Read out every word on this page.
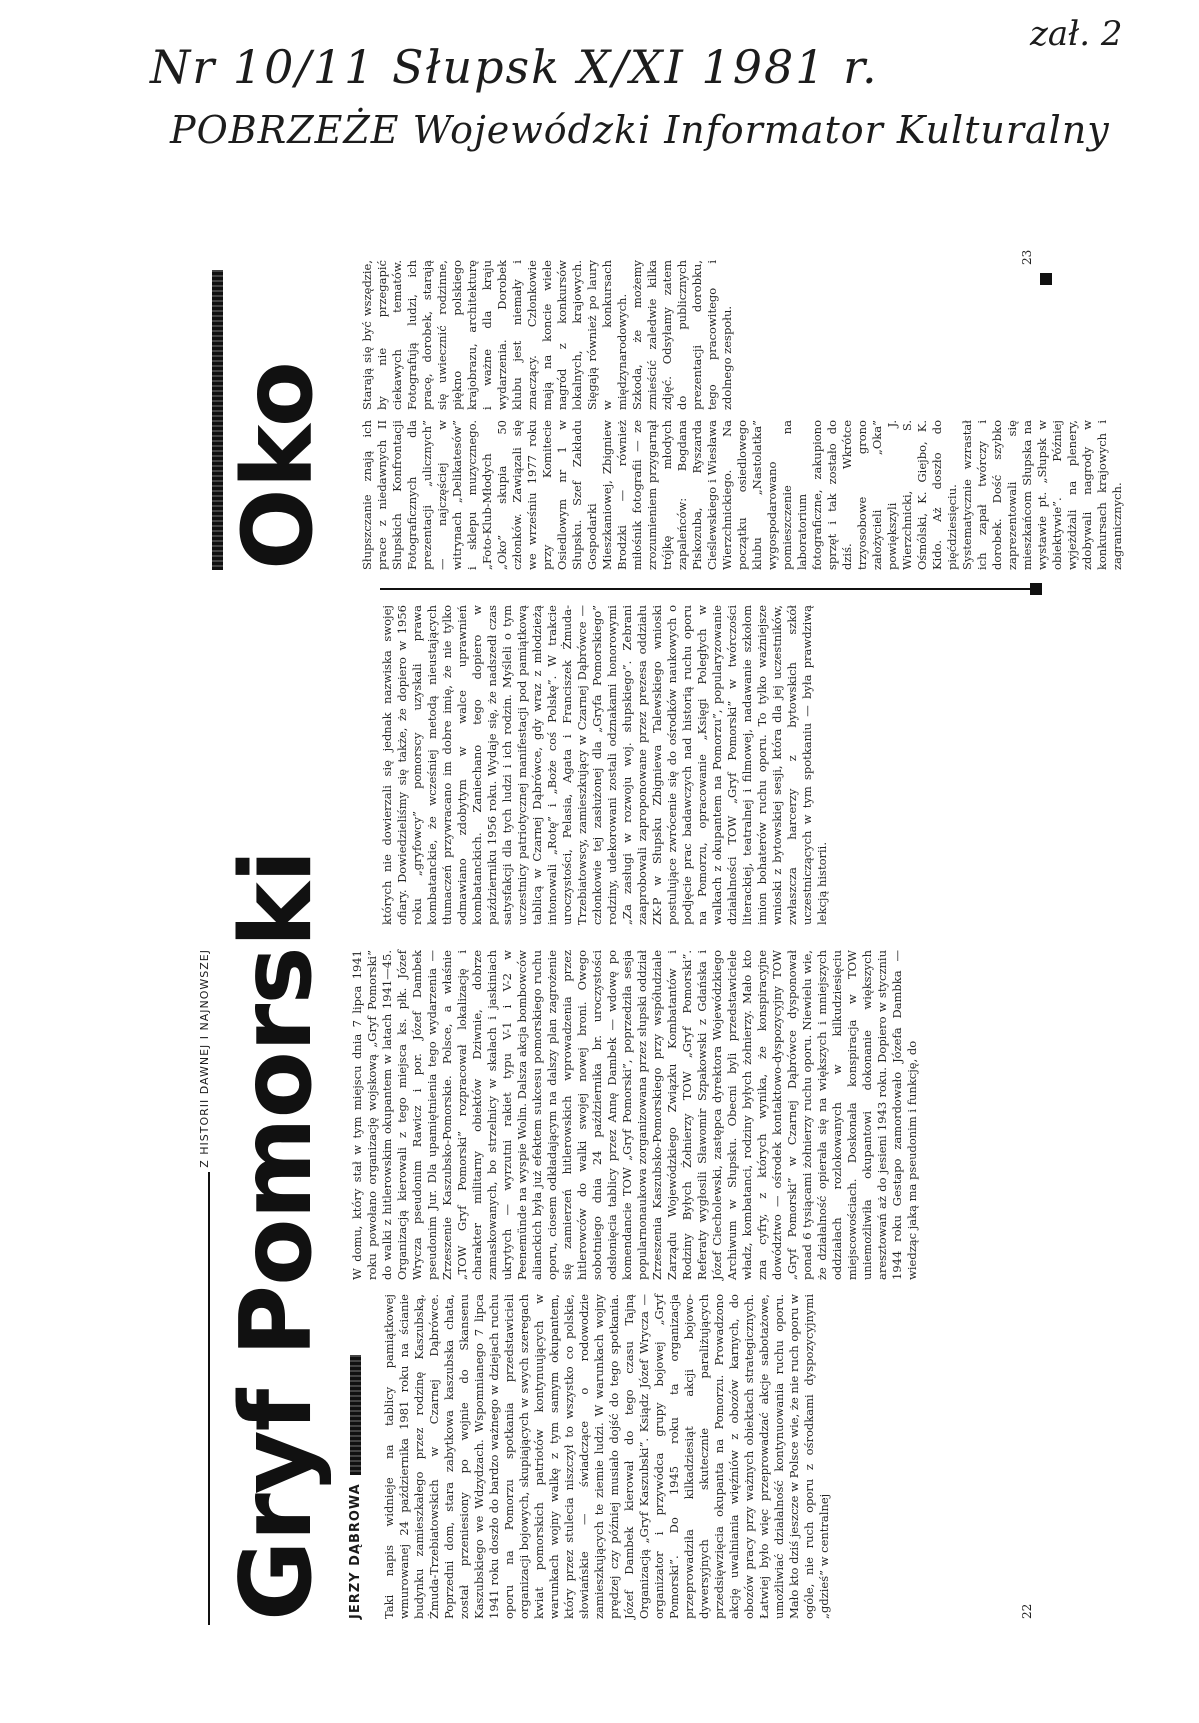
Nr 10/11 Słupsk X/XI 1981 r.
POBRZEŻE Wojewódzki Informator Kulturalny
zał. 2
Z HISTORII DAWNEJ I NAJNOWSZEJ Gryf Pomorski JERZY DĄBROWA Taki napis widnieje na tablicy pamiątkowej wmurowanej 24 października 1981 roku na ścianie budynku zamieszkałego przez rodzinę Kaszubską, Żmuda-Trzebiatowskich w Czarnej Dąbrówce. Poprzedni dom, stara zabytkowa kaszubska chata, został przeniesiony po wojnie do Skansenu Kaszubskiego we Wdzydzach. Wspomnianego 7 lipca 1941 roku doszło do bardzo ważnego w dziejach ruchu oporu na Pomorzu spotkania przedstawicieli organizacji bojowych, skupiających w swych szeregach kwiat pomorskich patriotów kontynuujących w warunkach wojny walkę z tym samym okupantem, który przez stulecia niszczył to wszystko co polskie, słowiańskie — świadczące o rodowodzie zamieszkujących te ziemie ludzi. W warunkach wojny prędzej czy później musiało dojść do tego spotkania. Józef Dambek kierował do tego czasu Tajną Organizacją „Gryf Kaszubski”. Ksiądz Józef Wryczа — organizator i przywódca grupy bojowej „Gryf Pomorski”. Do 1945 roku ta organizacja przeprowadziła kilkadziesiąt akcji bojowo-dywersyjnych skutecznie paraliżujących przedsięwzięcia okupanta na Pomorzu. Prowadzono akcję uwalniania więźniów z obozów karnych, do obozów pracy przy ważnych obiektach strategicznych. Łatwiej było więc przeprowadzać akcje sabotażowe, umożliwiać działalność kontynuowania ruchu oporu. Mało kto dziś jeszcze w Polsce wie, że nie ruch oporu w ogóle, nie ruch oporu z ośrodkami dyspozycyjnymi „gdzieś” w centralnej
W domu, który stał w tym miejscu dnia 7 lipca 1941 roku powołano organizację wojskową „Gryf Pomorski” do walki z hitlerowskim okupantem w latach 1941—45. Organizacją kierowali z tego miejsca ks. płk. Józef Wrycza pseudonim Rawicz i por. Józef Dambek pseudonim Jur. Dla upamiętnienia tego wydarzenia — Zrzeszenie Kaszubsko-Pomorskie. Polsce, a właśnie „TOW Gryf Pomorski” rozpracował lokalizację i charakter militarny obiektów Dziwnie, dobrze zamaskowanych, bo strzelnicy w skałach i jaskiniach ukrytych — wyrzutni rakiet typu V-1 i V-2 w Peenemünde na wyspie Wolin. Dalsza akcja bombowców alianckich była już efektem sukcesu pomorskiego ruchu oporu, ciosem odkładającym na dalszy plan zagrożenie się zamierzeń hitlerowskich wprowadzenia przez hitlerowców do walki swojej nowej broni. Owego sobotniego dnia 24 października br. uroczystości odsłonięcia tablicy przez Annę Dambek — wdowę po komendancie TOW „Gryf Pomorski”, poprzedziła sesja popularnonaukowa zorganizowana przez słupski oddział Zrzeszenia Kaszubsko-Pomorskiego przy współudziale Zarządu Wojewódzkiego Związku Kombatantów i Rodziny Byłych Żołnierzy TOW „Gryf Pomorski”. Referaty wygłosili Sławomir Szpakowski z Gdańska i Józef Ciecholewski, zastępca dyrektora Wojewódzkiego Archiwum w Słupsku. Obecni byli przedstawiciele władz, kombatanci, rodziny byłych żołnierzy. Mało kto zna cyfry, z których wynika, że konspiracyjne dowództwo — ośrodek kontaktowo-dyspozycyjny TOW „Gryf Pomorski” w Czarnej Dąbrówce dysponował ponad 6 tysiącami żołnierzy ruchu oporu. Niewielu wie, że działalność opierała się na większych i mniejszych oddziałach rozlokowanych w kilkudziesięciu miejscowościach. Doskonała konspiracja w TOW uniemożliwiła okupantowi dokonanie większych aresztowań aż do jesieni 1943 roku. Dopiero w styczniu 1944 roku Gestapo zamordowało Józefa Dambka — wiedząc jaką ma pseudonim i funkcję, do
22
których nie dowierzali się jednak nazwiska swojej ofiary. Dowiedzieliśmy się także, że dopiero w 1956 roku „gryfowcy” pomorscy uzyskali prawa kombatanckie, że wcześniej metodą nieustających tłumaczeń przywracano im dobre imię, że nie tylko odmawiano zdobytym w walce uprawnień kombatanckich. Zaniechano tego dopiero w październiku 1956 roku. Wydaje się, że nadszedł czas satysfakcji dla tych ludzi i ich rodzin. Myśleli o tym uczestnicy patriotycznej manifestacji pod pamiątkową tablicą w Czarnej Dąbrówce, gdy wraz z młodzieżą intonowali „Rotę” i „Boże coś Polskę”. W trakcie uroczystości, Pelasia, Agata i Franciszek Żmuda-Trzebiatowscy, zamieszkujący w Czarnej Dąbrówce — członkowie tej zasłużonej dla „Gryfa Pomorskiego” rodziny, udekorowani zostali odznakami honorowymi „Za zasługi w rozwoju woj. słupskiego”. Zebrani zaaprobowali zaproponowane przez prezesa oddziału ZK-P w Słupsku Zbigniewa Talewskiego wnioski postulujące zwrócenie się do ośrodków naukowych o podjęcie prac badawczych nad historią ruchu oporu na Pomorzu, opracowanie „Księgi Poległych w walkach z okupantem na Pomorzu”, popularyzowanie działalności TOW „Gryf Pomorski” w twórczości literackiej, teatralnej i filmowej, nadawanie szkołom imion bohaterów ruchu oporu. To tylko ważniejsze wnioski z bytowskiej sesji, która dla jej uczestników, zwłaszcza harcerzy z bytowskich szkół uczestniczących w tym spotkaniu — była prawdziwą lekcją historii.
Oko Słupszczanie znają ich prace z niedawnych II Słupskich Konfrontacji Fotograficznych dla prezentacji „ulicznych” — najczęściej w witrynach „Delikatesów” i sklepu muzycznego. „Foto-Klub-Młodych „Oko” skupia 50 członków. Zawiązali się we wrześniu 1977 roku przy Komitecie Osiedlowym nr 1 w Słupsku. Szef Zakładu Gospodarki Mieszkaniowej, Zbigniew Brodzki — również miłośnik fotografii — ze zrozumieniem przygarnął trójkę młodych zapaleńców: Bogdana Piskozuba, Ryszarda Cieślewskiego i Wiesława Wierzchnickiego. Na początku osiedlowego klubu „Nastolatka” wygospodarowano pomieszczenie na laboratorium fotograficzne, zakupiono sprzęt i tak zostało do dziś. Wkrótce trzyosobowe grono założycieli „Oka” powiększyli J. Wierzchnicki, S. Ośmólski, K. Giejbo, K. Kido. Aż doszło do pięćdziesięciu. Systematycznie wzrastał ich zapał twórczy i dorobek. Dość szybko zaprezentowali się mieszkańcom Słupska na wystawie pt. „Słupsk w obiektywie”. Później wyjeżdżali na plenery, zdobywali nagrody w konkursach krajowych i zagranicznych.
Starają się być wszędzie, by nie przegapić ciekawych tematów. Fotografują ludzi, ich pracę, dorobek, starają się uwiecznić rodzinne, piękno polskiego krajobrazu, architekturę i ważne dla kraju wydarzenia. Dorobek klubu jest niemały i znaczący. Członkowie mają na koncie wiele nagród z konkursów lokalnych, krajowych. Sięgają również po laury w konkursach międzynarodowych. Szkoda, że możemy zmieścić zaledwie kilka zdjęć. Odsyłamy zatem do publicznych prezentacji dorobku, tego pracowitego i zdolnego zespołu.
23
